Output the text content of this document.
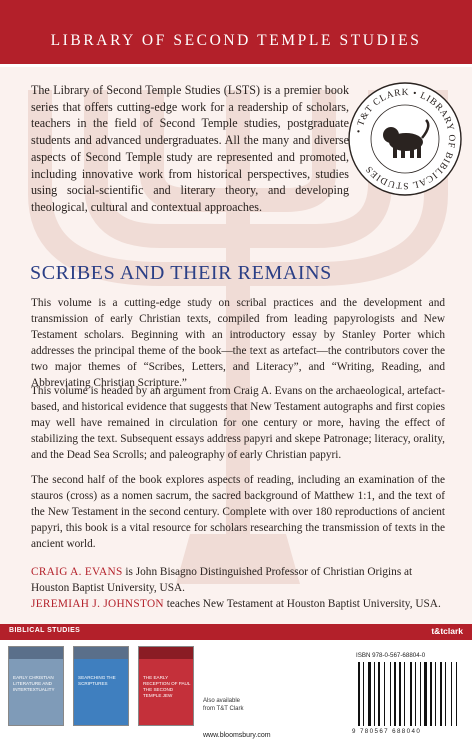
LIBRARY OF SECOND TEMPLE STUDIES
The Library of Second Temple Studies (LSTS) is a premier book series that offers cutting-edge work for a readership of scholars, teachers in the field of Second Temple studies, postgraduate students and advanced undergraduates. All the many and diverse aspects of Second Temple study are represented and promoted, including innovative work from historical perspectives, studies using social-scientific and literary theory, and developing theological, cultural and contextual approaches.
• T&T CLARK • LIBRARY OF BIBLICAL STUDIES
SCRIBES AND THEIR REMAINS
This volume is a cutting-edge study on scribal practices and the development and transmission of early Christian texts, compiled from leading papyrologists and New Testament scholars. Beginning with an introductory essay by Stanley Porter which addresses the principal theme of the book—the text as artefact—the contributors cover the two major themes of “Scribes, Letters, and Literacy”, and “Writing, Reading, and Abbreviating Christian Scripture.”
This volume is headed by an argument from Craig A. Evans on the archaeological, artefact-based, and historical evidence that suggests that New Testament autographs and first copies may well have remained in circulation for one century or more, having the effect of stabilizing the text. Subsequent essays address papyri and skepe Patronage; literacy, orality, and the Dead Sea Scrolls; and paleography of early Christian papyri.
The second half of the book explores aspects of reading, including an examination of the stauros (cross) as a nomen sacrum, the sacred background of Matthew 1:1, and the text of the New Testament in the second century. Complete with over 180 reproductions of ancient papyri, this book is a vital resource for scholars researching the transmission of texts in the ancient world.
CRAIG A. EVANS is John Bisagno Distinguished Professor of Christian Origins at Houston Baptist University, USA.
JEREMIAH J. JOHNSTON teaches New Testament at Houston Baptist University, USA.
BIBLICAL STUDIES	t&tclark
EARLY CHRISTIAN LITERATURE AND INTERTEXTUALITY
SEARCHING THE SCRIPTURES
THE EARLY RECEPTION OF PAUL THE SECOND TEMPLE JEW
Also available
from T&T Clark
ISBN 978-0-567-68804-0
9 780567 688040
www.bloomsbury.com
